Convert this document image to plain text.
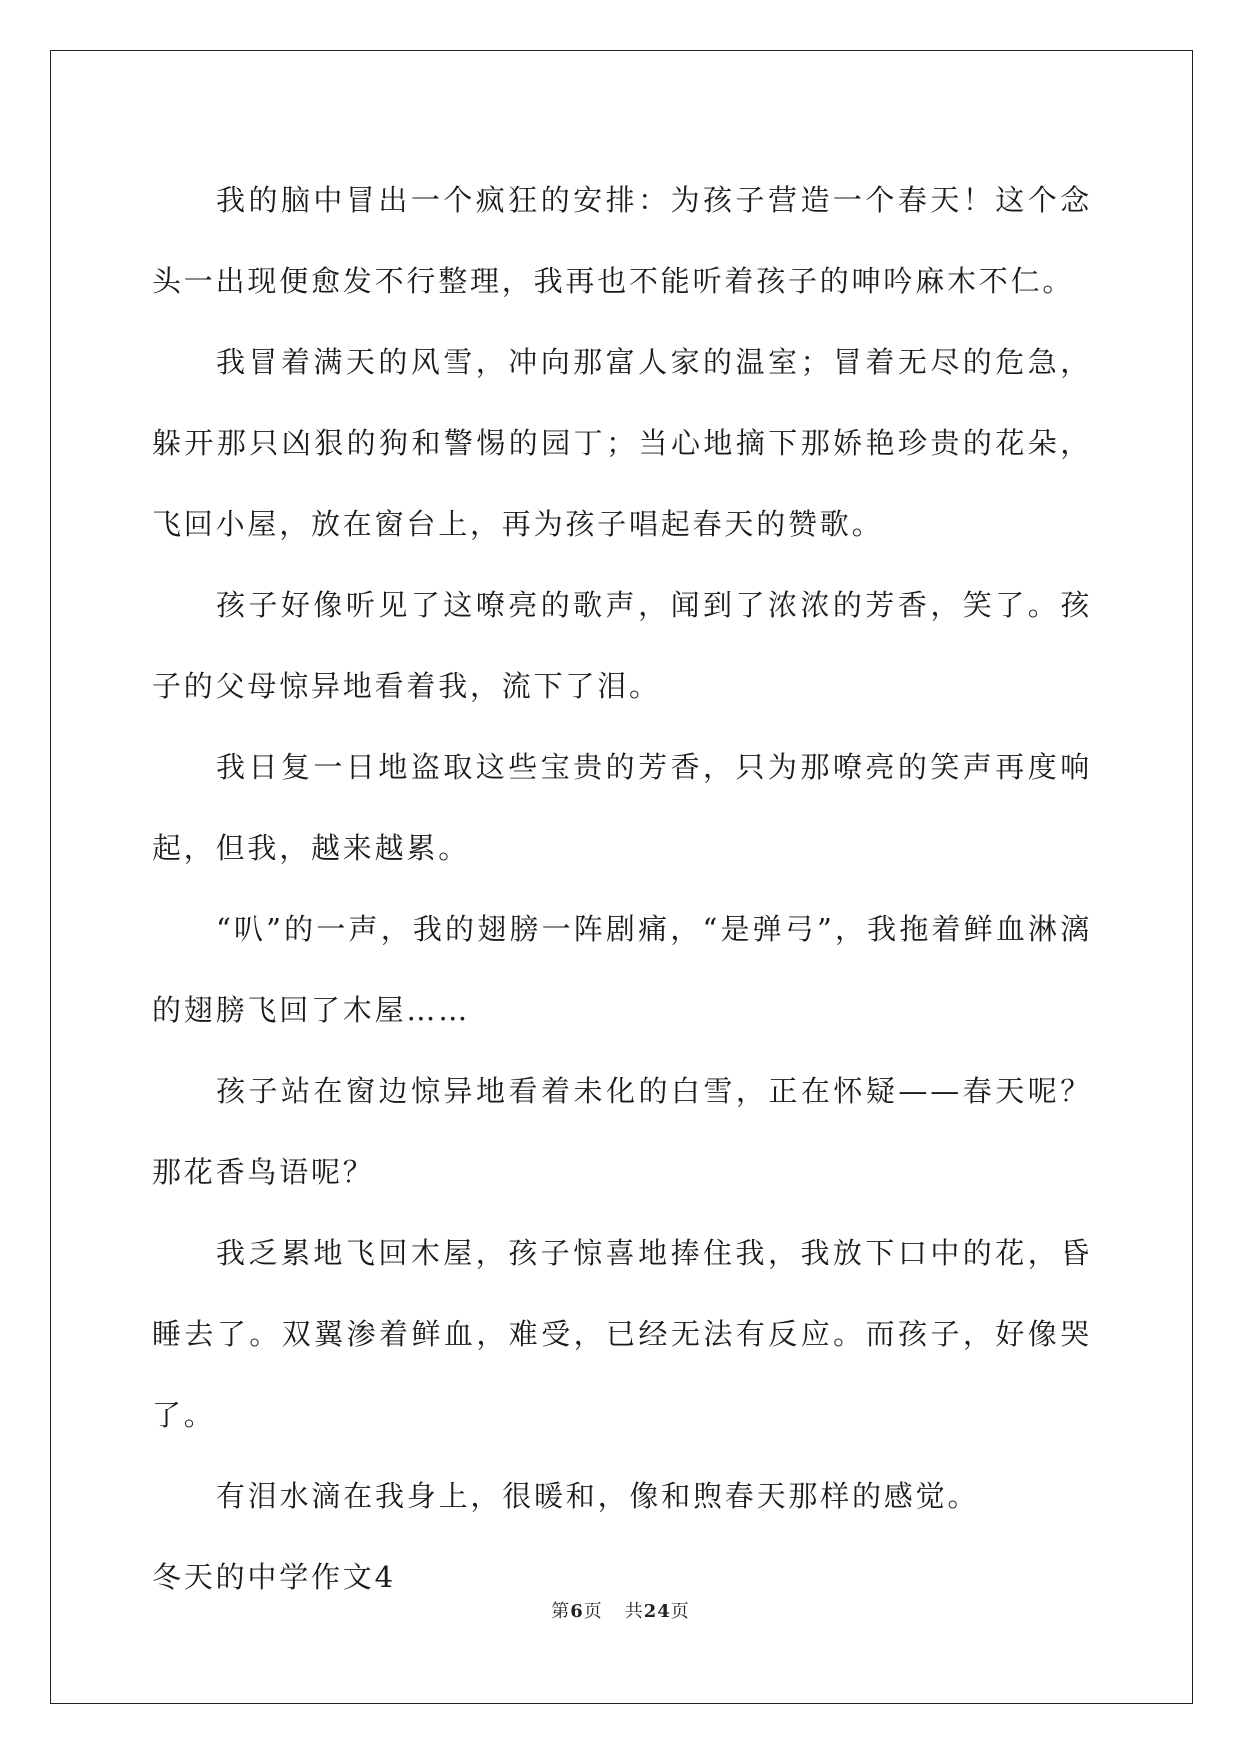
我的脑中冒出一个疯狂的安排：为孩子营造一个春天！这个念头一出现便愈发不行整理，我再也不能听着孩子的呻吟麻木不仁。

我冒着满天的风雪，冲向那富人家的温室；冒着无尽的危急，躲开那只凶狠的狗和警惕的园丁；当心地摘下那娇艳珍贵的花朵，飞回小屋，放在窗台上，再为孩子唱起春天的赞歌。

孩子好像听见了这嘹亮的歌声，闻到了浓浓的芳香，笑了。孩子的父母惊异地看着我，流下了泪。

我日复一日地盗取这些宝贵的芳香，只为那嘹亮的笑声再度响起，但我，越来越累。

“叭”的一声，我的翅膀一阵剧痛，“是弹弓”，我拖着鲜血淋漓的翅膀飞回了木屋……

孩子站在窗边惊异地看着未化的白雪，正在怀疑——春天呢？那花香鸟语呢？

我乏累地飞回木屋，孩子惊喜地捧住我，我放下口中的花，昏睡去了。双翼渗着鲜血，难受，已经无法有反应。而孩子，好像哭了。

有泪水滴在我身上，很暖和，像和煦春天那样的感觉。

冬天的中学作文4

第6页 共24页
